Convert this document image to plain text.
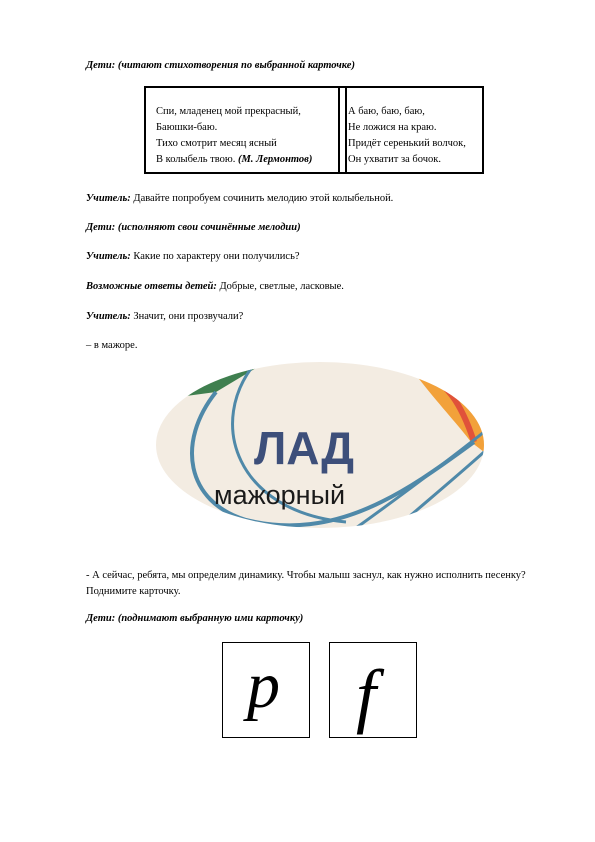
Дети: (читают стихотворения по выбранной карточке)

Спи, младенец мой прекрасный,
Баюшки-баю.
Тихо смотрит месяц ясный
В колыбель твою. (М. Лермонтов)
А баю, баю, баю,
Не ложися на краю.
Придёт серенький волчок,
Он ухватит за бочок.

Учитель: Давайте попробуем сочинить мелодию этой колыбельной.

Дети: (исполняют свои сочинённые мелодии)

Учитель: Какие по характеру они получились?

Возможные ответы детей: Добрые, светлые, ласковые.

Учитель: Значит, они прозвучали?

– в мажоре.

ЛАД
мажорный

- А сейчас, ребята, мы определим динамику. Чтобы малыш заснул, как нужно исполнить песенку? Поднимите карточку.

Дети: (поднимают выбранную ими карточку)

p f
